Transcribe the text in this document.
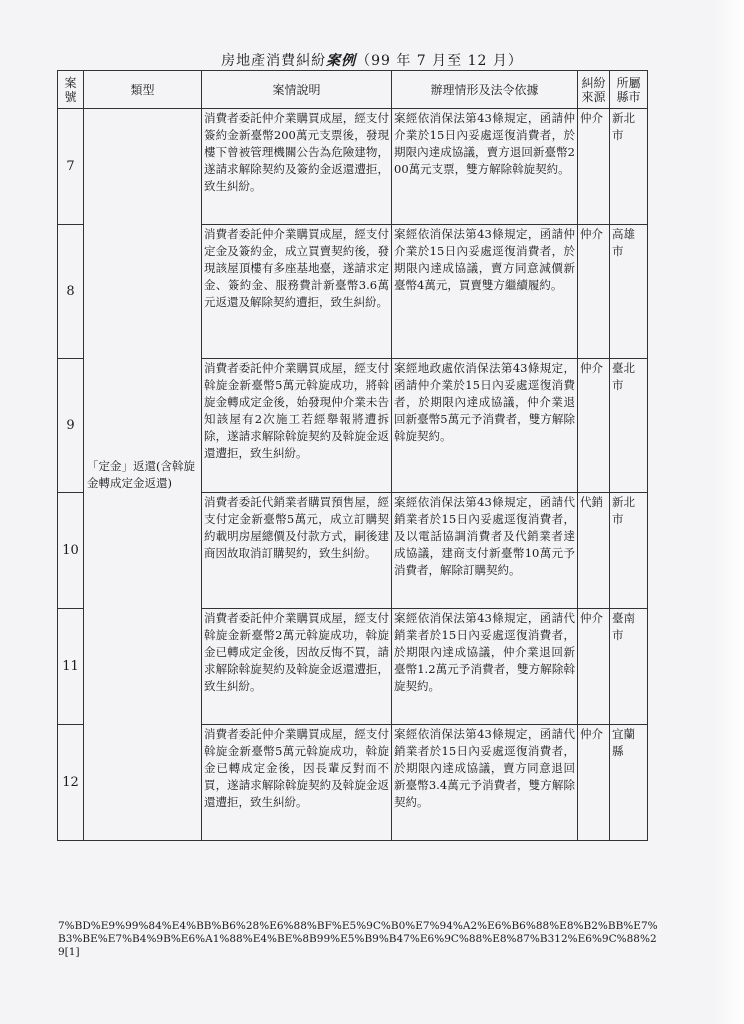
房地產消費糾紛案例（99 年 7 月至 12 月）
案號	類型	案情說明	辦理情形及法令依據	糾紛來源	所屬縣市
7	「定金」返還(含斡旋金轉成定金返還)	消費者委託仲介業購買成屋，經支付簽約金新臺幣200萬元支票後，發現樓下曾被管理機關公告為危險建物，遂請求解除契約及簽約金返還遭拒，致生糾紛。	案經依消保法第43條規定，函請仲介業於15日內妥處逕復消費者，於期限內達成協議，賣方退回新臺幣200萬元支票，雙方解除斡旋契約。	仲介	新北市
8		消費者委託仲介業購買成屋，經支付定金及簽約金，成立買賣契約後，發現該屋頂樓有多座基地臺，遂請求定金、簽約金、服務費計新臺幣3.6萬元返還及解除契約遭拒，致生糾紛。	案經依消保法第43條規定，函請仲介業於15日內妥處逕復消費者，於期限內達成協議，賣方同意減價新臺幣4萬元，買賣雙方繼續履約。	仲介	高雄市
9		消費者委託仲介業購買成屋，經支付斡旋金新臺幣5萬元斡旋成功，將斡旋金轉成定金後，始發現仲介業未告知該屋有2次施工若經舉報將遭拆除，遂請求解除斡旋契約及斡旋金返還遭拒，致生糾紛。	案經地政處依消保法第43條規定，函請仲介業於15日內妥處逕復消費者，於期限內達成協議，仲介業退回新臺幣5萬元予消費者，雙方解除斡旋契約。	仲介	臺北市
10		消費者委託代銷業者購買預售屋，經支付定金新臺幣5萬元，成立訂購契約載明房屋總價及付款方式，嗣後建商因故取消訂購契約，致生糾紛。	案經依消保法第43條規定，函請代銷業者於15日內妥處逕復消費者，及以電話協調消費者及代銷業者達成協議，建商支付新臺幣10萬元予消費者，解除訂購契約。	代銷	新北市
11		消費者委託仲介業購買成屋，經支付斡旋金新臺幣2萬元斡旋成功，斡旋金已轉成定金後，因故反悔不買，請求解除斡旋契約及斡旋金返還遭拒，致生糾紛。	案經依消保法第43條規定，函請代銷業者於15日內妥處逕復消費者，於期限內達成協議，仲介業退回新臺幣1.2萬元予消費者，雙方解除斡旋契約。	仲介	臺南市
12		消費者委託仲介業購買成屋，經支付斡旋金新臺幣5萬元斡旋成功，斡旋金已轉成定金後，因長輩反對而不買，遂請求解除斡旋契約及斡旋金返還遭拒，致生糾紛。	案經依消保法第43條規定，函請代銷業者於15日內妥處逕復消費者，於期限內達成協議，賣方同意退回新臺幣3.4萬元予消費者，雙方解除契約。	仲介	宜蘭縣
7%BD%E9%99%84%E4%BB%B6%28%E6%88%BF%E5%9C%B0%E7%94%A2%E6%B6%88%E8%B2%BB%E7%B3%BE%E7%B4%9B%E6%A1%88%E4%BE%8B99%E5%B9%B47%E6%9C%88%E8%87%B312%E6%9C%88%29[1]
